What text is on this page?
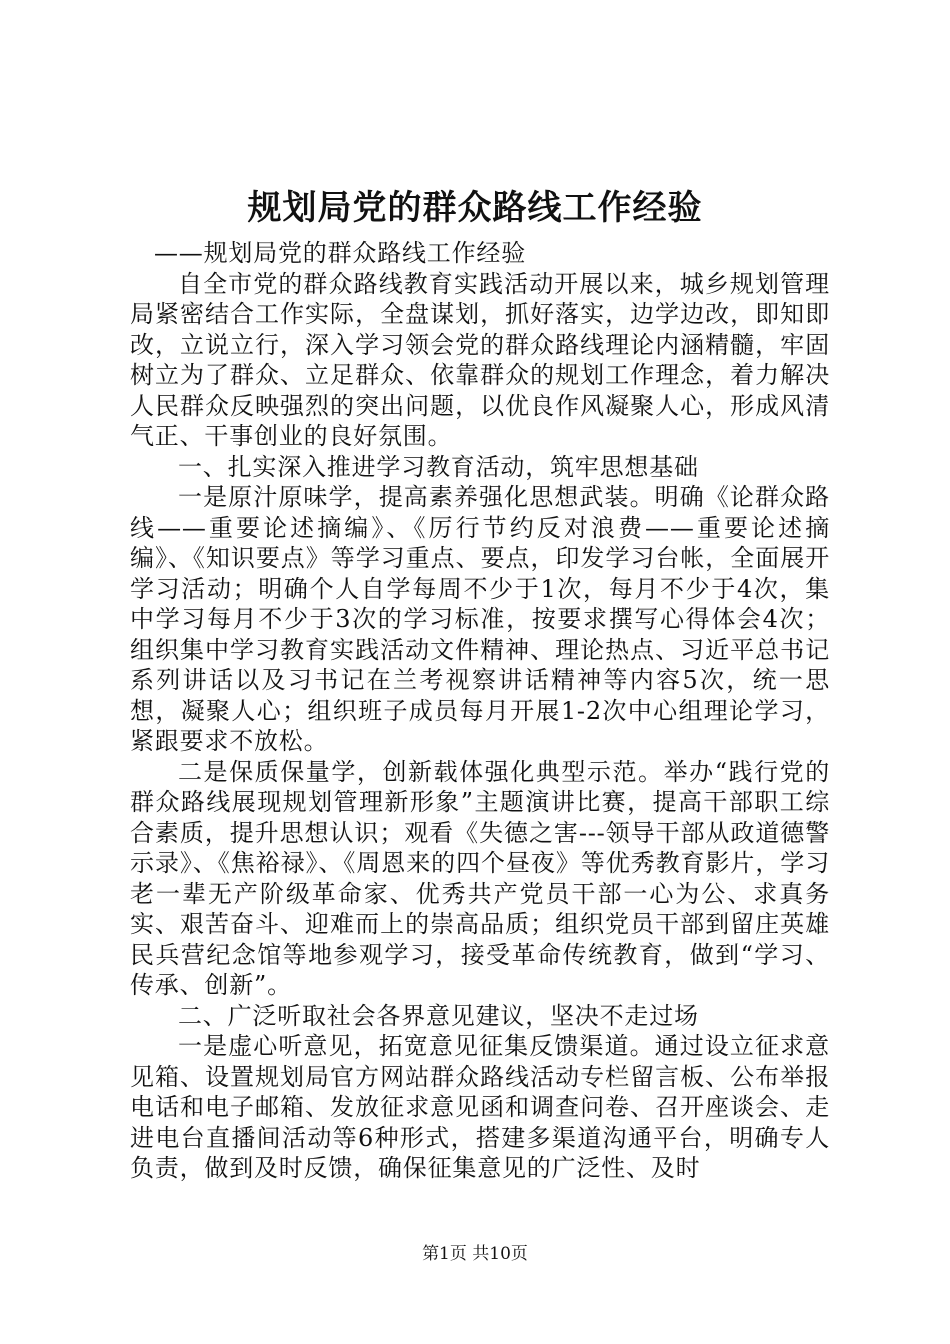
规划局党的群众路线工作经验

——规划局党的群众路线工作经验

自全市党的群众路线教育实践活动开展以来，城乡规划管理局紧密结合工作实际，全盘谋划，抓好落实，边学边改，即知即改，立说立行，深入学习领会党的群众路线理论内涵精髓，牢固树立为了群众、立足群众、依靠群众的规划工作理念，着力解决人民群众反映强烈的突出问题，以优良作风凝聚人心，形成风清气正、干事创业的良好氛围。

一、扎实深入推进学习教育活动，筑牢思想基础

一是原汁原味学，提高素养强化思想武装。明确《论群众路线——重要论述摘编》、《厉行节约反对浪费——重要论述摘编》、《知识要点》等学习重点、要点，印发学习台帐，全面展开学习活动；明确个人自学每周不少于1次，每月不少于4次，集中学习每月不少于3次的学习标准，按要求撰写心得体会4次；组织集中学习教育实践活动文件精神、理论热点、习近平总书记系列讲话以及习书记在兰考视察讲话精神等内容5次，统一思想，凝聚人心；组织班子成员每月开展1-2次中心组理论学习，紧跟要求不放松。

二是保质保量学，创新载体强化典型示范。举办“践行党的群众路线展现规划管理新形象”主题演讲比赛，提高干部职工综合素质，提升思想认识；观看《失德之害---领导干部从政道德警示录》、《焦裕禄》、《周恩来的四个昼夜》等优秀教育影片，学习老一辈无产阶级革命家、优秀共产党员干部一心为公、求真务实、艰苦奋斗、迎难而上的崇高品质；组织党员干部到留庄英雄民兵营纪念馆等地参观学习，接受革命传统教育，做到“学习、传承、创新”。

二、广泛听取社会各界意见建议，坚决不走过场

一是虚心听意见，拓宽意见征集反馈渠道。通过设立征求意见箱、设置规划局官方网站群众路线活动专栏留言板、公布举报电话和电子邮箱、发放征求意见函和调查问卷、召开座谈会、走进电台直播间活动等6种形式，搭建多渠道沟通平台，明确专人负责，做到及时反馈，确保征集意见的广泛性、及时

第1页 共10页
